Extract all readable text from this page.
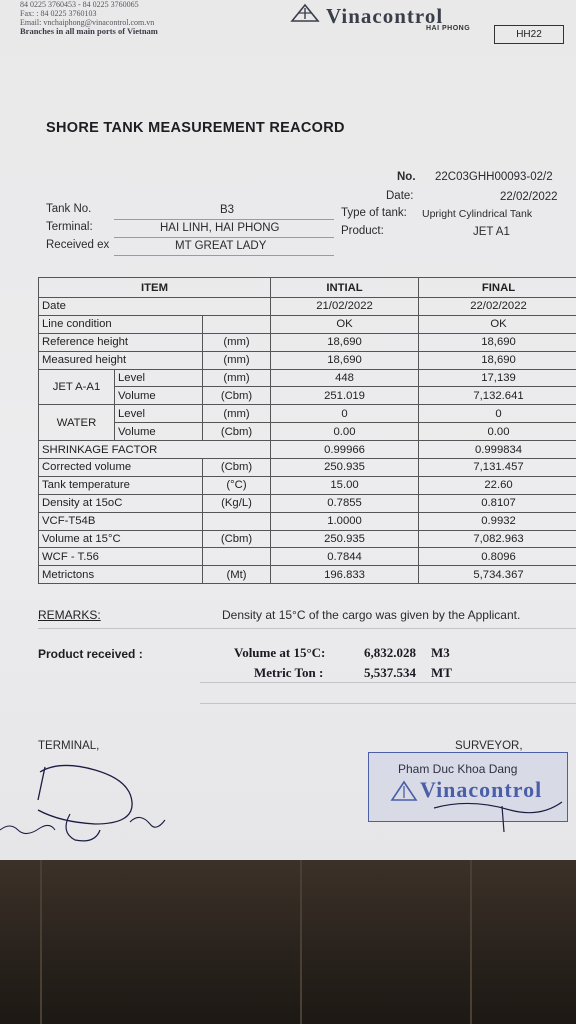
84 0225 3760453 - 84 0225 3760065
Fax: : 84 0225 3760103
Email: vnchaiphong@vinacontrol.com.vn
Branches in all main ports of Vietnam
Vinacontrol
HAI PHONG
HH22
SHORE TANK MEASUREMENT REACORD
No. 22C03GHH00093-02/2
Date:	22/02/2022
Tank No.	B3
Terminal:	HAI LINH, HAI PHONG
Received ex	MT GREAT LADY
Type of tank: Upright Cylindrical Tank
Product:	JET A1
ITEM			INTIAL	FINAL
Date			21/02/2022	22/02/2022
Line condition			OK	OK
Reference height		(mm)	18,690	18,690
Measured height		(mm)	18,690	18,690
JET A-A1	Level	(mm)	448	17,139
	Volume	(Cbm)	251.019	7,132.641
WATER	Level	(mm)	0	0
	Volume	(Cbm)	0.00	0.00
SHRINKAGE FACTOR			0.99966	0.999834
Corrected volume		(Cbm)	250.935	7,131.457
Tank temperature		(°C)	15.00	22.60
Density at 15oC		(Kg/L)	0.7855	0.8107
VCF-T54B			1.0000	0.9932
Volume at 15°C		(Cbm)	250.935	7,082.963
WCF - T.56			0.7844	0.8096
Metrictons		(Mt)	196.833	5,734.367
REMARKS:	Density at 15°C of the cargo was given by the Applicant.
Product received :	Volume at 15°C:	6,832.028 M3
Metric Ton :	5,537.534 MT
TERMINAL,	SURVEYOR,
Pham Duc Khoa Dang
Vinacontrol
